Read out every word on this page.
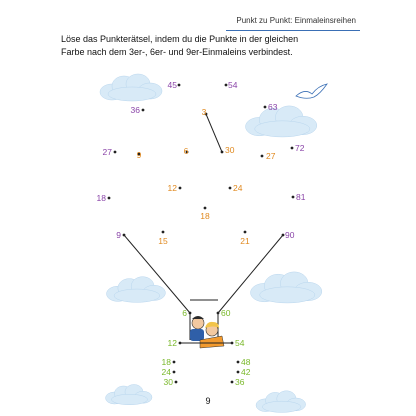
Punkt zu Punkt: Einmaleinsreihen
Löse das Punkterätsel, indem du die Punkte in der gleichen
Farbe nach dem 3er-, 6er- und 9er-Einmaleins verbindest.
45	54
36	63
3
27	9	6	30
27
72
12	24
18	81
18
9
15	21
90
6	60
12	54
18	48
24	42
30	36
9
